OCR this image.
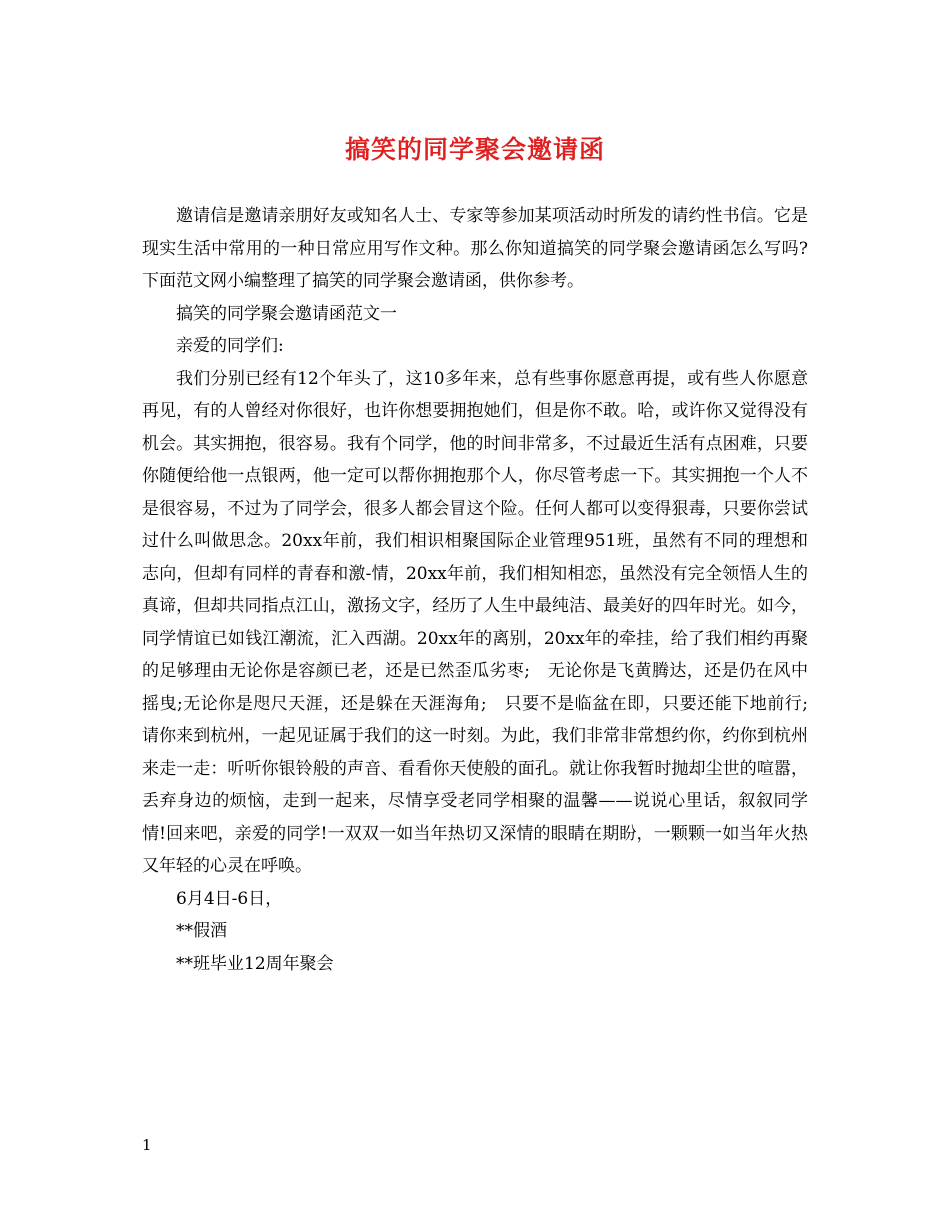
搞笑的同学聚会邀请函

邀请信是邀请亲朋好友或知名人士、专家等参加某项活动时所发的请约性书信。它是现实生活中常用的一种日常应用写作文种。那么你知道搞笑的同学聚会邀请函怎么写吗?下面范文网小编整理了搞笑的同学聚会邀请函，供你参考。

搞笑的同学聚会邀请函范文一

亲爱的同学们:

我们分别已经有12个年头了，这10多年来，总有些事你愿意再提，或有些人你愿意再见，有的人曾经对你很好，也许你想要拥抱她们，但是你不敢。哈，或许你又觉得没有机会。其实拥抱，很容易。我有个同学，他的时间非常多，不过最近生活有点困难，只要你随便给他一点银两，他一定可以帮你拥抱那个人，你尽管考虑一下。其实拥抱一个人不是很容易，不过为了同学会，很多人都会冒这个险。任何人都可以变得狠毒，只要你尝试过什么叫做思念。20xx年前，我们相识相聚国际企业管理951班，虽然有不同的理想和志向，但却有同样的青春和激-情，20xx年前，我们相知相恋，虽然没有完全领悟人生的真谛，但却共同指点江山，激扬文字，经历了人生中最纯洁、最美好的四年时光。如今，同学情谊已如钱江潮流，汇入西湖。20xx年的离别，20xx年的牵挂，给了我们相约再聚的足够理由无论你是容颜已老，还是已然歪瓜劣枣;　无论你是飞黄腾达，还是仍在风中摇曳;无论你是咫尺天涯，还是躲在天涯海角;　只要不是临盆在即，只要还能下地前行;　请你来到杭州，一起见证属于我们的这一时刻。为此，我们非常非常想约你，约你到杭州来走一走：听听你银铃般的声音、看看你天使般的面孔。就让你我暂时抛却尘世的喧嚣，丢弃身边的烦恼，走到一起来，尽情享受老同学相聚的温馨——说说心里话，叙叙同学情!回来吧，亲爱的同学!一双双一如当年热切又深情的眼睛在期盼，一颗颗一如当年火热又年轻的心灵在呼唤。

6月4日-6日，

**假酒

**班毕业12周年聚会

1
